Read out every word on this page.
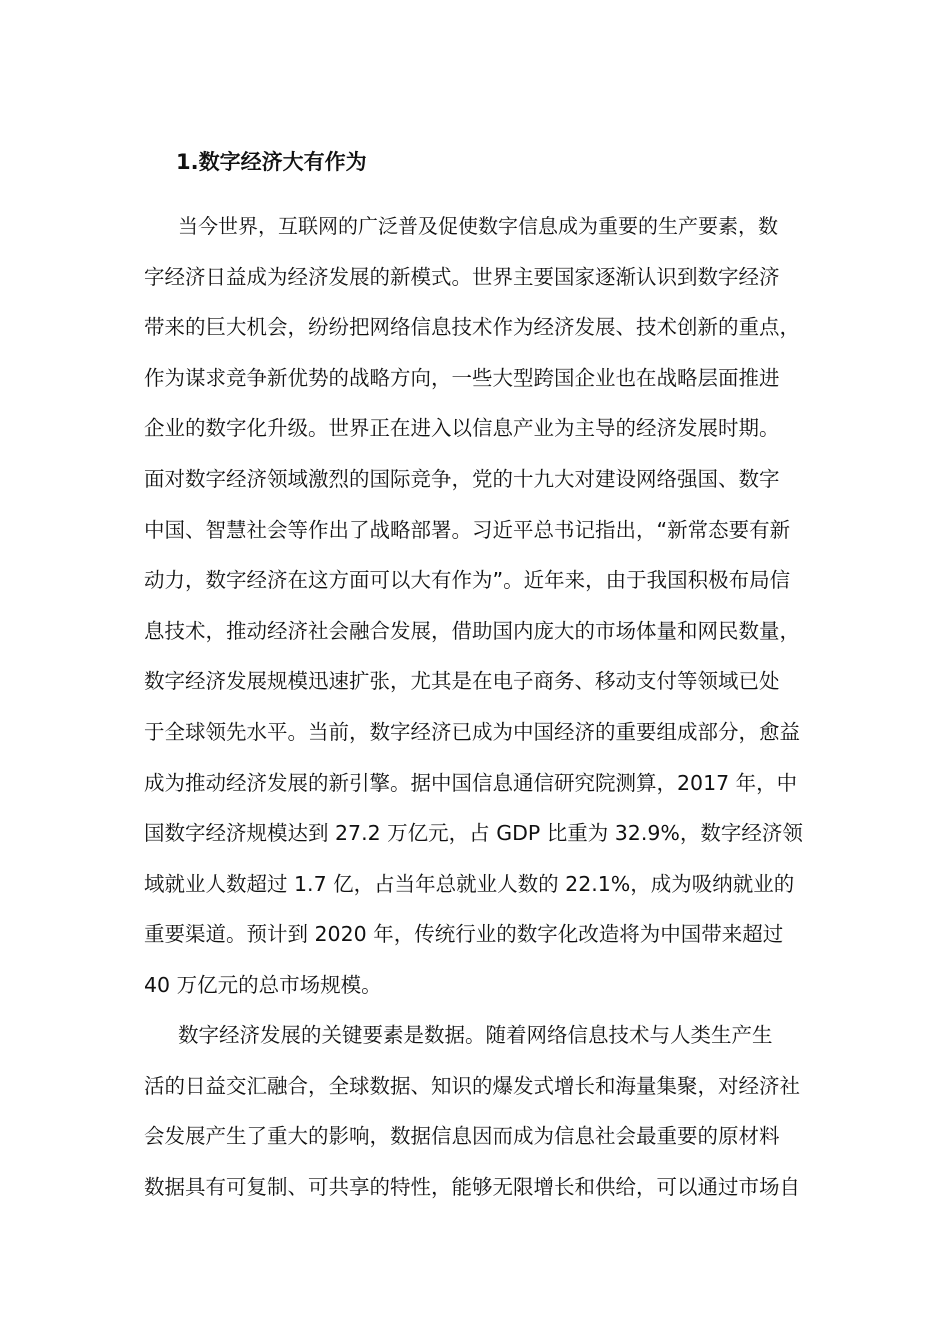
1.数字经济大有作为
当今世界，互联网的广泛普及促使数字信息成为重要的生产要素，数
字经济日益成为经济发展的新模式。世界主要国家逐渐认识到数字经济
带来的巨大机会，纷纷把网络信息技术作为经济发展、技术创新的重点，
作为谋求竞争新优势的战略方向，一些大型跨国企业也在战略层面推进
企业的数字化升级。世界正在进入以信息产业为主导的经济发展时期。
面对数字经济领域激烈的国际竞争，党的十九大对建设网络强国、数字
中国、智慧社会等作出了战略部署。习近平总书记指出，“新常态要有新
动力，数字经济在这方面可以大有作为”。近年来，由于我国积极布局信
息技术，推动经济社会融合发展，借助国内庞大的市场体量和网民数量，
数字经济发展规模迅速扩张，尤其是在电子商务、移动支付等领域已处
于全球领先水平。当前，数字经济已成为中国经济的重要组成部分，愈益
成为推动经济发展的新引擎。据中国信息通信研究院测算，2017 年，中
国数字经济规模达到 27.2 万亿元，占 GDP 比重为 32.9%，数字经济领
域就业人数超过 1.7 亿，占当年总就业人数的 22.1%，成为吸纳就业的
重要渠道。预计到 2020 年，传统行业的数字化改造将为中国带来超过
40 万亿元的总市场规模。
数字经济发展的关键要素是数据。随着网络信息技术与人类生产生
活的日益交汇融合，全球数据、知识的爆发式增长和海量集聚，对经济社
会发展产生了重大的影响，数据信息因而成为信息社会最重要的原材料
数据具有可复制、可共享的特性，能够无限增长和供给，可以通过市场自
